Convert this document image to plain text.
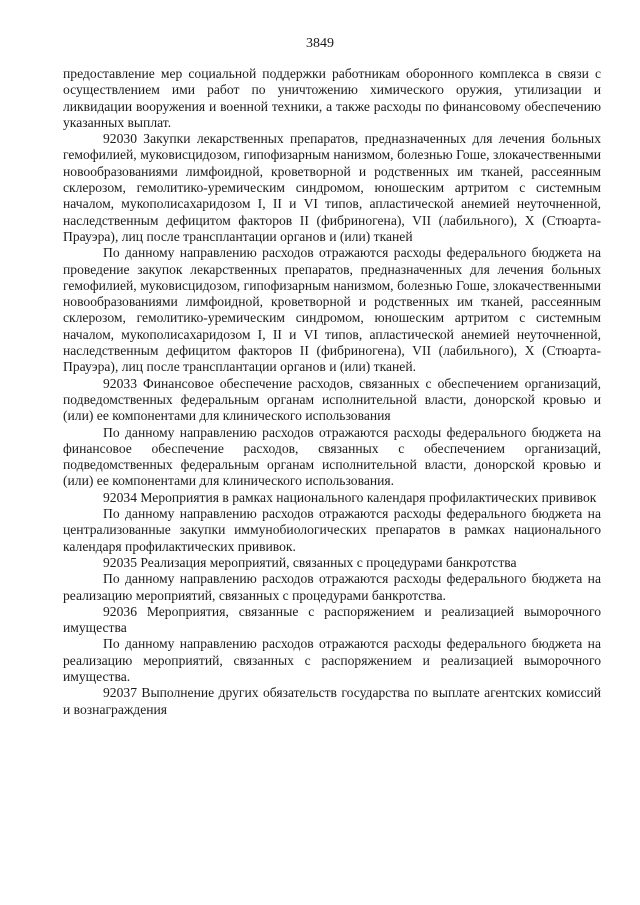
3849

предоставление мер социальной поддержки работникам оборонного комплекса в связи с осуществлением ими работ по уничтожению химического оружия, утилизации и ликвидации вооружения и военной техники, а также расходы по финансовому обеспечению указанных выплат.

92030 Закупки лекарственных препаратов, предназначенных для лечения больных гемофилией, муковисцидозом, гипофизарным нанизмом, болезнью Гоше, злокачественными новообразованиями лимфоидной, кроветворной и родственных им тканей, рассеянным склерозом, гемолитико-уремическим синдромом, юношеским артритом с системным началом, мукополисахаридозом I, II и VI типов, апластической анемией неуточненной, наследственным дефицитом факторов II (фибриногена), VII (лабильного), X (Стюарта-Прауэра), лиц после трансплантации органов и (или) тканей

По данному направлению расходов отражаются расходы федерального бюджета на проведение закупок лекарственных препаратов, предназначенных для лечения больных гемофилией, муковисцидозом, гипофизарным нанизмом, болезнью Гоше, злокачественными новообразованиями лимфоидной, кроветворной и родственных им тканей, рассеянным склерозом, гемолитико-уремическим синдромом, юношеским артритом с системным началом, мукополисахаридозом I, II и VI типов, апластической анемией неуточненной, наследственным дефицитом факторов II (фибриногена), VII (лабильного), X (Стюарта-Прауэра), лиц после трансплантации органов и (или) тканей.

92033 Финансовое обеспечение расходов, связанных с обеспечением организаций, подведомственных федеральным органам исполнительной власти, донорской кровью и (или) ее компонентами для клинического использования

По данному направлению расходов отражаются расходы федерального бюджета на финансовое обеспечение расходов, связанных с обеспечением организаций, подведомственных федеральным органам исполнительной власти, донорской кровью и (или) ее компонентами для клинического использования.

92034 Мероприятия в рамках национального календаря профилактических прививок

По данному направлению расходов отражаются расходы федерального бюджета на централизованные закупки иммунобиологических препаратов в рамках национального календаря профилактических прививок.

92035 Реализация мероприятий, связанных с процедурами банкротства

По данному направлению расходов отражаются расходы федерального бюджета на реализацию мероприятий, связанных с процедурами банкротства.

92036 Мероприятия, связанные с распоряжением и реализацией выморочного имущества

По данному направлению расходов отражаются расходы федерального бюджета на реализацию мероприятий, связанных с распоряжением и реализацией выморочного имущества.

92037 Выполнение других обязательств государства по выплате агентских комиссий и вознаграждения
